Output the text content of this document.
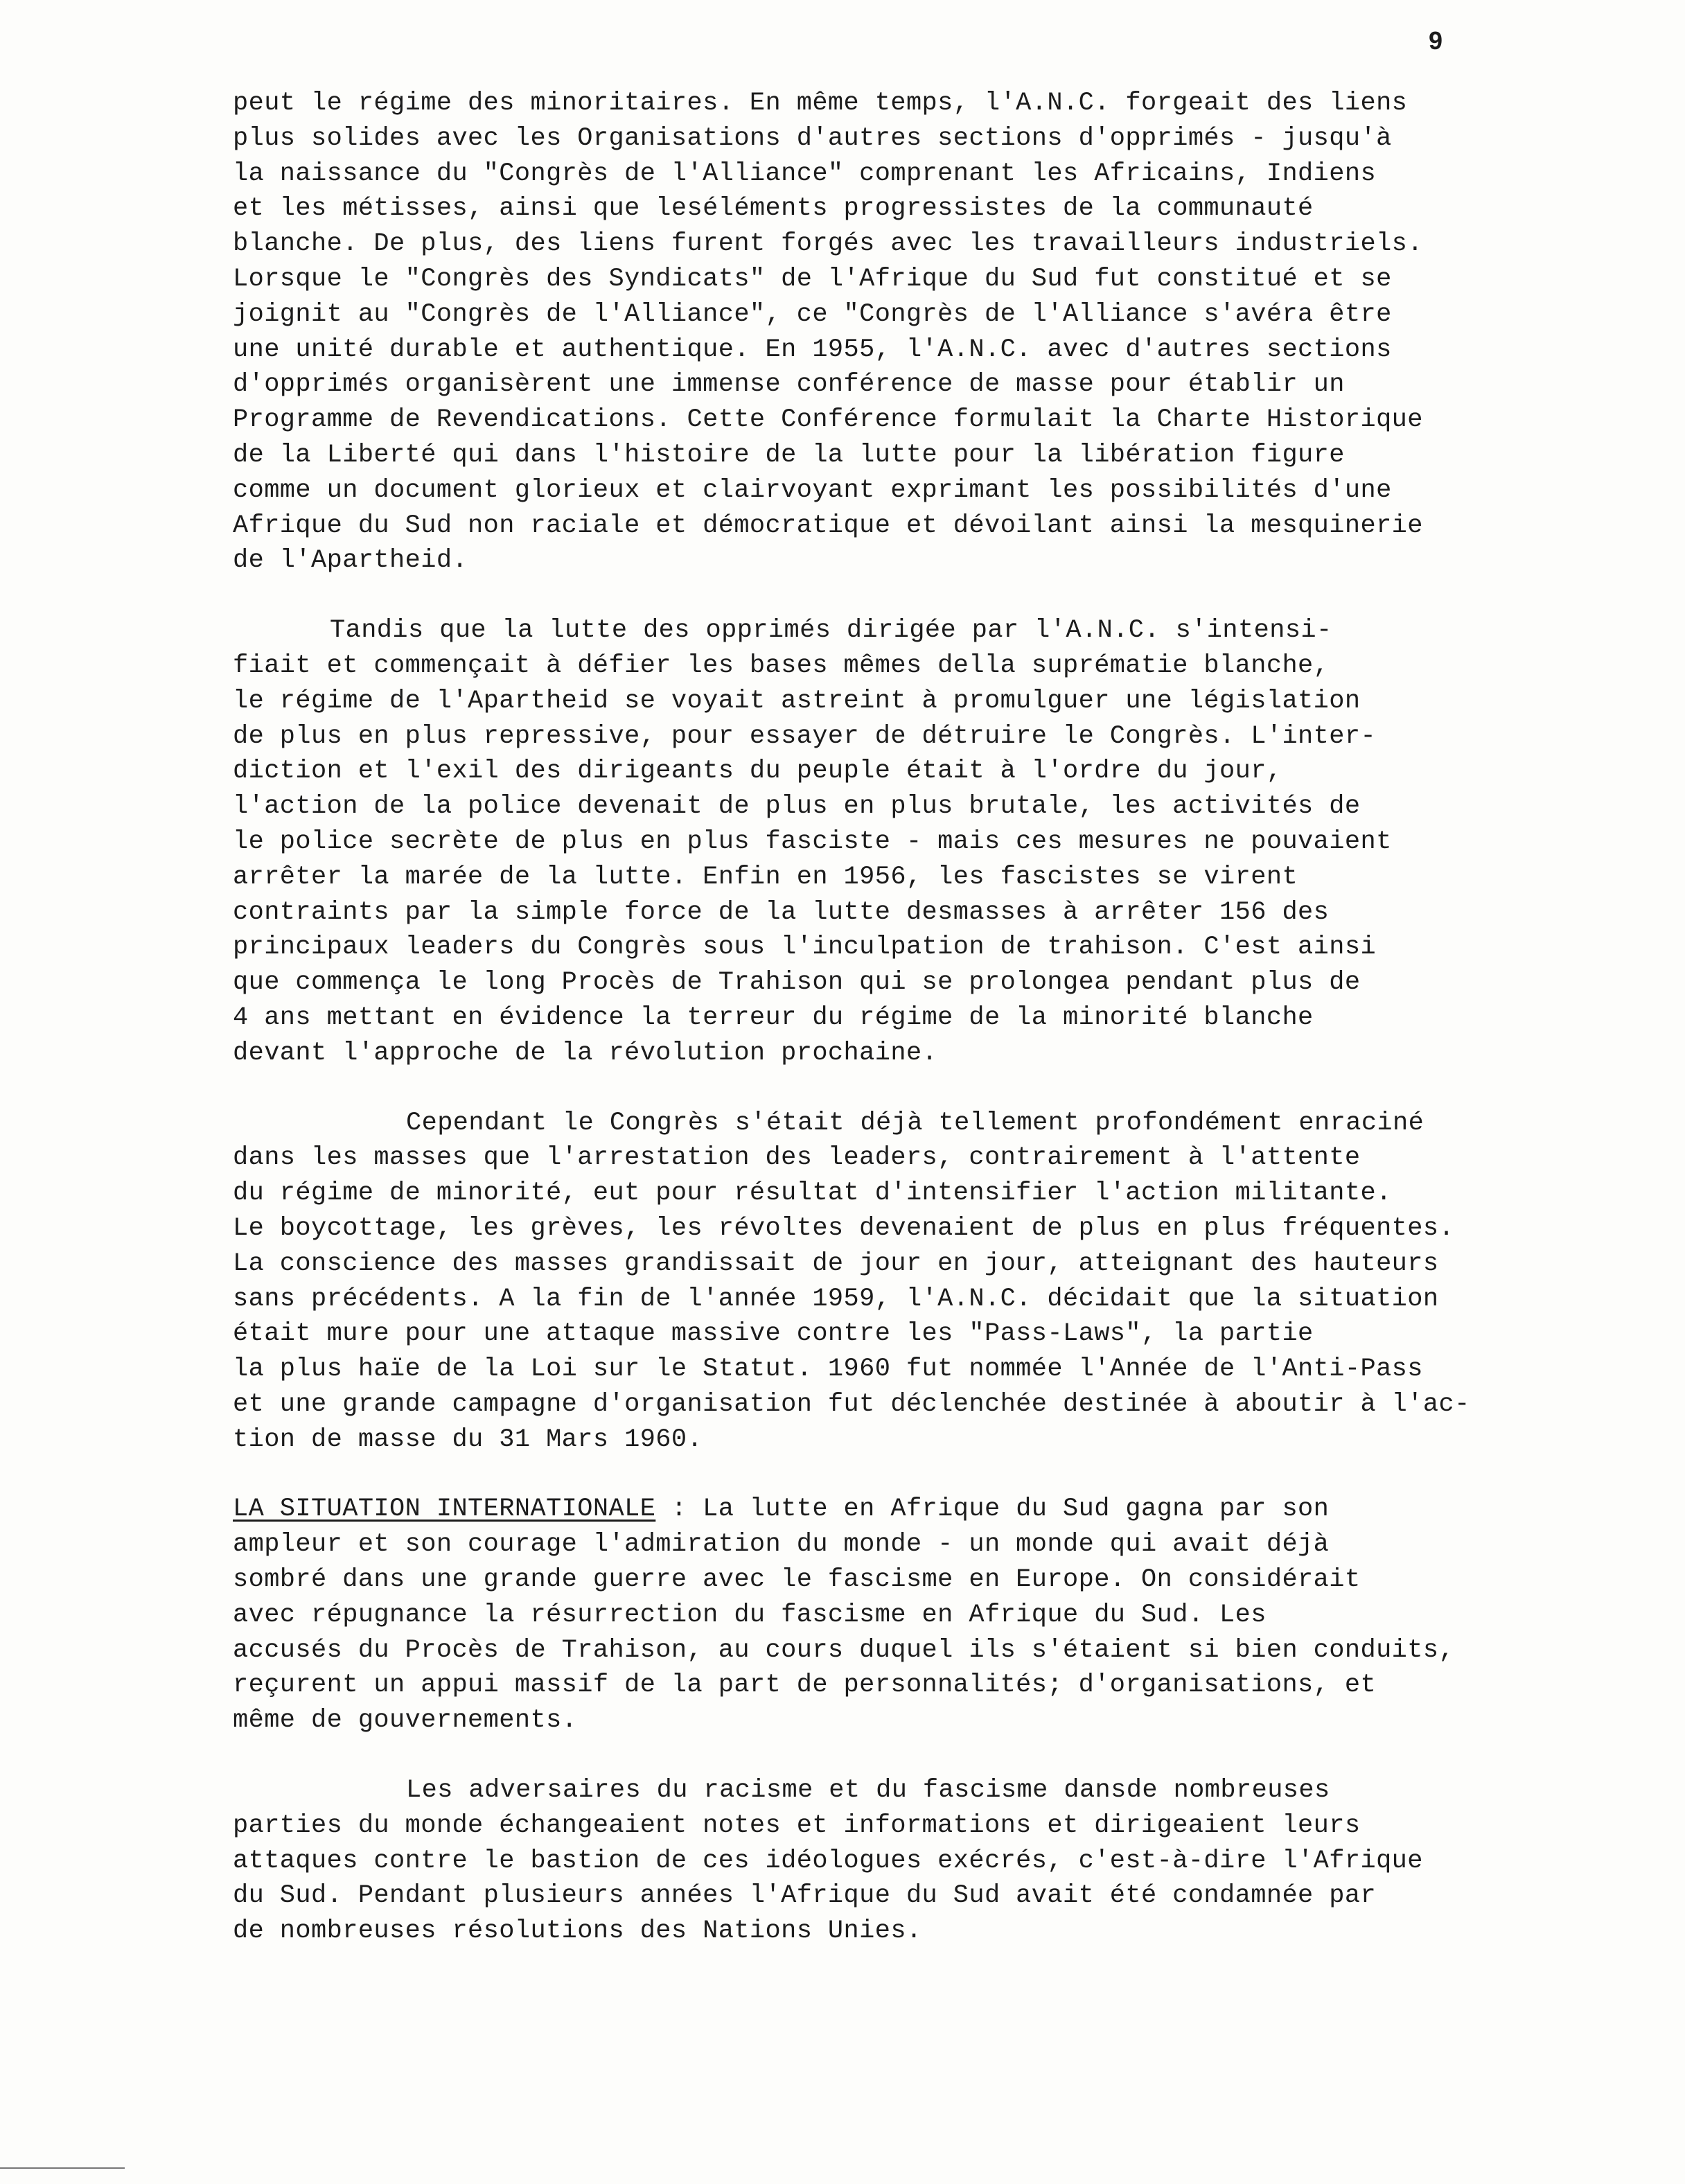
9

peut le régime des minoritaires. En même temps, l'A.N.C. forgeait des liens
plus solides avec les Organisations d'autres sections d'opprimés - jusqu'à
la naissance du "Congrès de l'Alliance" comprenant les Africains, Indiens
et les métisses, ainsi que leséléments progressistes de la communauté
blanche. De plus, des liens furent forgés avec les travailleurs industriels.
Lorsque le "Congrès des Syndicats" de l'Afrique du Sud fut constitué et se
joignit au "Congrès de l'Alliance", ce "Congrès de l'Alliance s'avéra être
une unité durable et authentique. En 1955, l'A.N.C. avec d'autres sections
d'opprimés organisèrent une immense conférence de masse pour établir un
Programme de Revendications. Cette Conférence formulait la Charte Historique
de la Liberté qui dans l'histoire de la lutte pour la libération figure
comme un document glorieux et clairvoyant exprimant les possibilités d'une
Afrique du Sud non raciale et démocratique et dévoilant ainsi la mesquinerie
de l'Apartheid.

Tandis que la lutte des opprimés dirigée par l'A.N.C. s'intensi-
fiait et commençait à défier les bases mêmes della suprématie blanche,
le régime de l'Apartheid se voyait astreint à promulguer une législation
de plus en plus repressive, pour essayer de détruire le Congrès. L'inter-
diction et l'exil des dirigeants du peuple était à l'ordre du jour,
l'action de la police devenait de plus en plus brutale, les activités de
le police secrète de plus en plus fasciste - mais ces mesures ne pouvaient
arrêter la marée de la lutte. Enfin en 1956, les fascistes se virent
contraints par la simple force de la lutte desmasses à arrêter 156 des
principaux leaders du Congrès sous l'inculpation de trahison. C'est ainsi
que commença le long Procès de Trahison qui se prolongea pendant plus de
4 ans mettant en évidence la terreur du régime de la minorité blanche
devant l'approche de la révolution prochaine.

Cependant le Congrès s'était déjà tellement profondément enraciné
dans les masses que l'arrestation des leaders, contrairement à l'attente
du régime de minorité, eut pour résultat d'intensifier l'action militante.
Le boycottage, les grèves, les révoltes devenaient de plus en plus fréquentes.
La conscience des masses grandissait de jour en jour, atteignant des hauteurs
sans précédents. A la fin de l'année 1959, l'A.N.C. décidait que la situation
était mure pour une attaque massive contre les "Pass-Laws", la partie
la plus haïe de la Loi sur le Statut. 1960 fut nommée l'Année de l'Anti-Pass
et une grande campagne d'organisation fut déclenchée destinée à aboutir à l'ac-
tion de masse du 31 Mars 1960.

LA SITUATION INTERNATIONALE : La lutte en Afrique du Sud gagna par son
ampleur et son courage l'admiration du monde - un monde qui avait déjà
sombré dans une grande guerre avec le fascisme en Europe. On considérait
avec répugnance la résurrection du fascisme en Afrique du Sud. Les
accusés du Procès de Trahison, au cours duquel ils s'étaient si bien conduits,
reçurent un appui massif de la part de personnalités; d'organisations, et
même de gouvernements.

Les adversaires du racisme et du fascisme dansde nombreuses
parties du monde échangeaient notes et informations et dirigeaient leurs
attaques contre le bastion de ces idéologues exécrés, c'est-à-dire l'Afrique
du Sud. Pendant plusieurs années l'Afrique du Sud avait été condamnée par
de nombreuses résolutions des Nations Unies.
